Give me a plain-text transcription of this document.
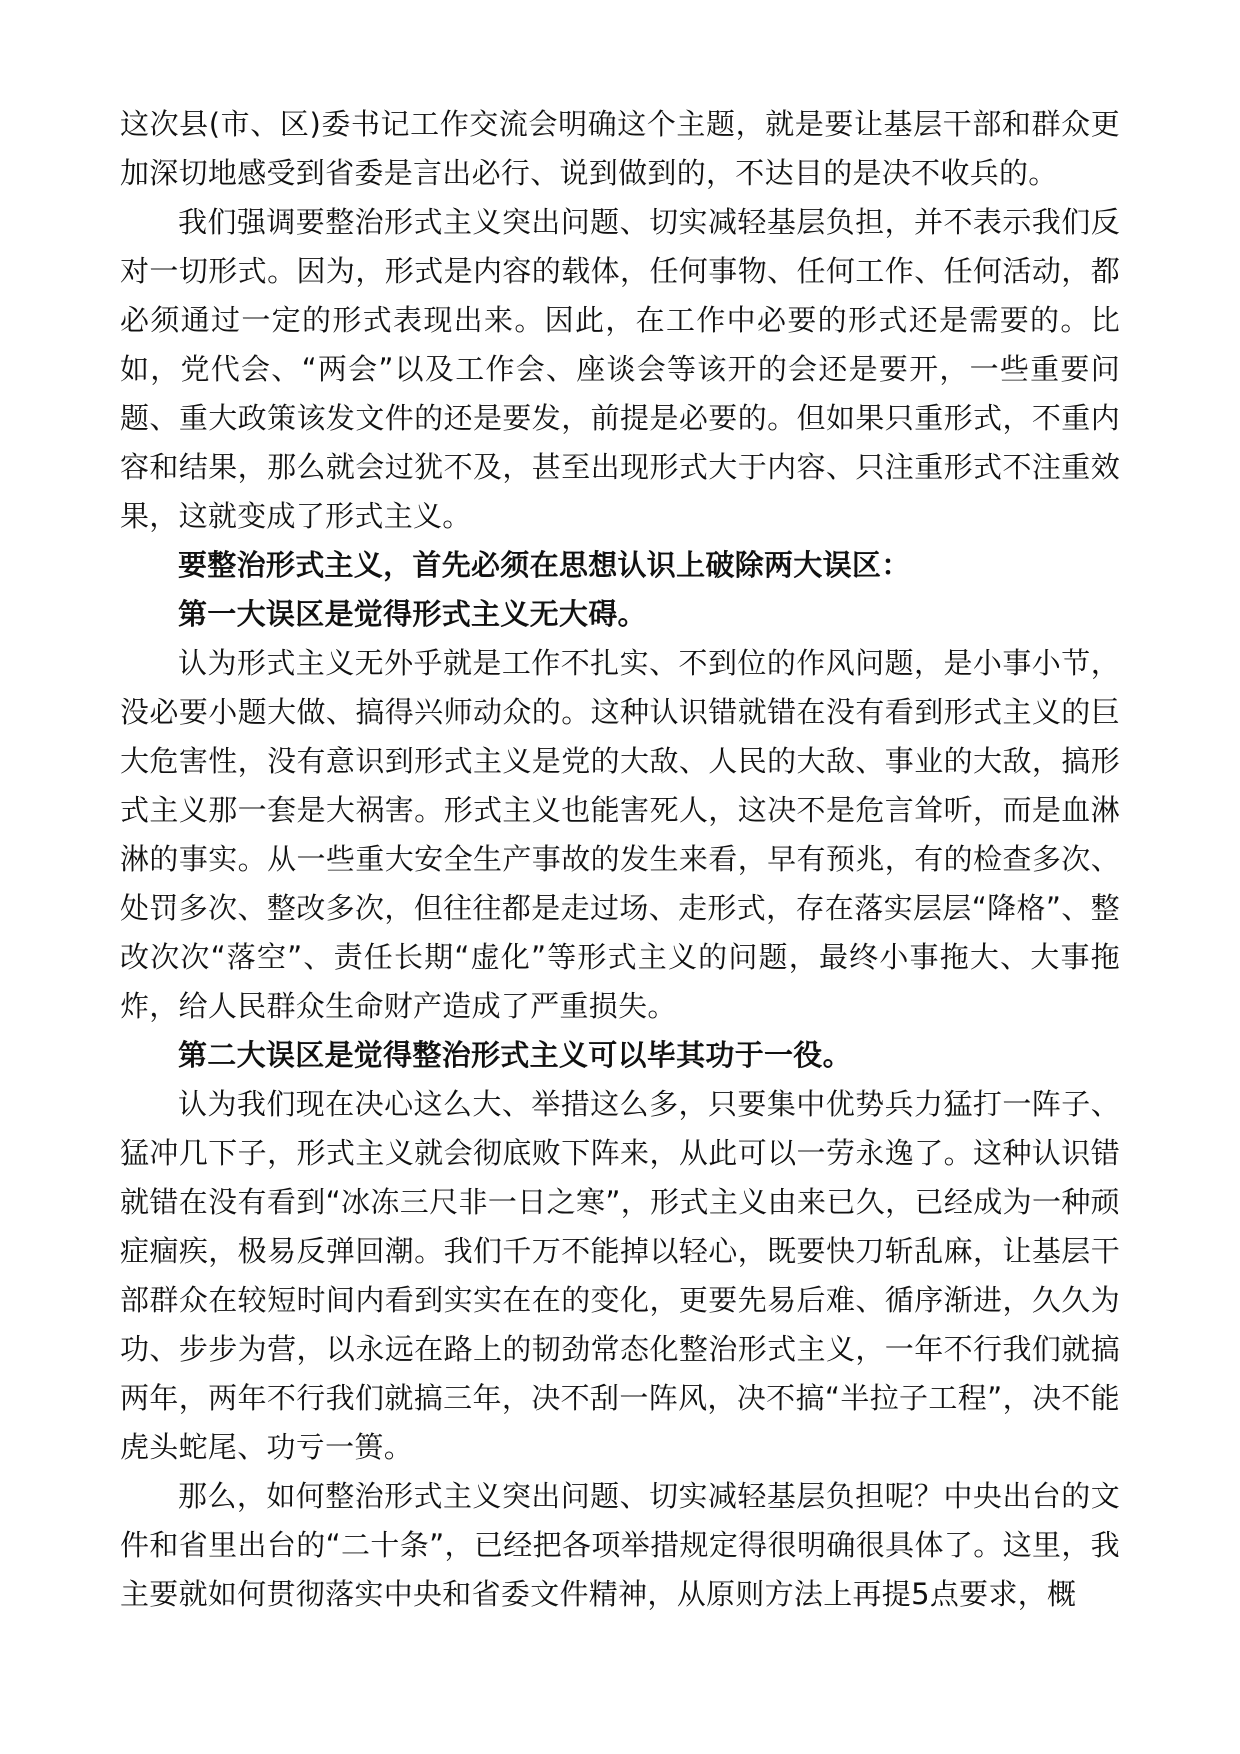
这次县(市、区)委书记工作交流会明确这个主题，就是要让基层干部和群众更加深切地感受到省委是言出必行、说到做到的，不达目的是决不收兵的。

我们强调要整治形式主义突出问题、切实减轻基层负担，并不表示我们反对一切形式。因为，形式是内容的载体，任何事物、任何工作、任何活动，都必须通过一定的形式表现出来。因此，在工作中必要的形式还是需要的。比如，党代会、“两会”以及工作会、座谈会等该开的会还是要开，一些重要问题、重大政策该发文件的还是要发，前提是必要的。但如果只重形式，不重内容和结果，那么就会过犹不及，甚至出现形式大于内容、只注重形式不注重效果，这就变成了形式主义。

要整治形式主义，首先必须在思想认识上破除两大误区：

第一大误区是觉得形式主义无大碍。

认为形式主义无外乎就是工作不扎实、不到位的作风问题，是小事小节，没必要小题大做、搞得兴师动众的。这种认识错就错在没有看到形式主义的巨大危害性，没有意识到形式主义是党的大敌、人民的大敌、事业的大敌，搞形式主义那一套是大祸害。形式主义也能害死人，这决不是危言耸听，而是血淋淋的事实。从一些重大安全生产事故的发生来看，早有预兆，有的检查多次、处罚多次、整改多次，但往往都是走过场、走形式，存在落实层层“降格”、整改次次“落空”、责任长期“虚化”等形式主义的问题，最终小事拖大、大事拖炸，给人民群众生命财产造成了严重损失。

第二大误区是觉得整治形式主义可以毕其功于一役。

认为我们现在决心这么大、举措这么多，只要集中优势兵力猛打一阵子、猛冲几下子，形式主义就会彻底败下阵来，从此可以一劳永逸了。这种认识错就错在没有看到“冰冻三尺非一日之寒”，形式主义由来已久，已经成为一种顽症痼疾，极易反弹回潮。我们千万不能掉以轻心，既要快刀斩乱麻，让基层干部群众在较短时间内看到实实在在的变化，更要先易后难、循序渐进，久久为功、步步为营，以永远在路上的韧劲常态化整治形式主义，一年不行我们就搞两年，两年不行我们就搞三年，决不刮一阵风，决不搞“半拉子工程”，决不能虎头蛇尾、功亏一篑。

那么，如何整治形式主义突出问题、切实减轻基层负担呢？中央出台的文件和省里出台的“二十条”，已经把各项举措规定得很明确很具体了。这里，我主要就如何贯彻落实中央和省委文件精神，从原则方法上再提5点要求，概
